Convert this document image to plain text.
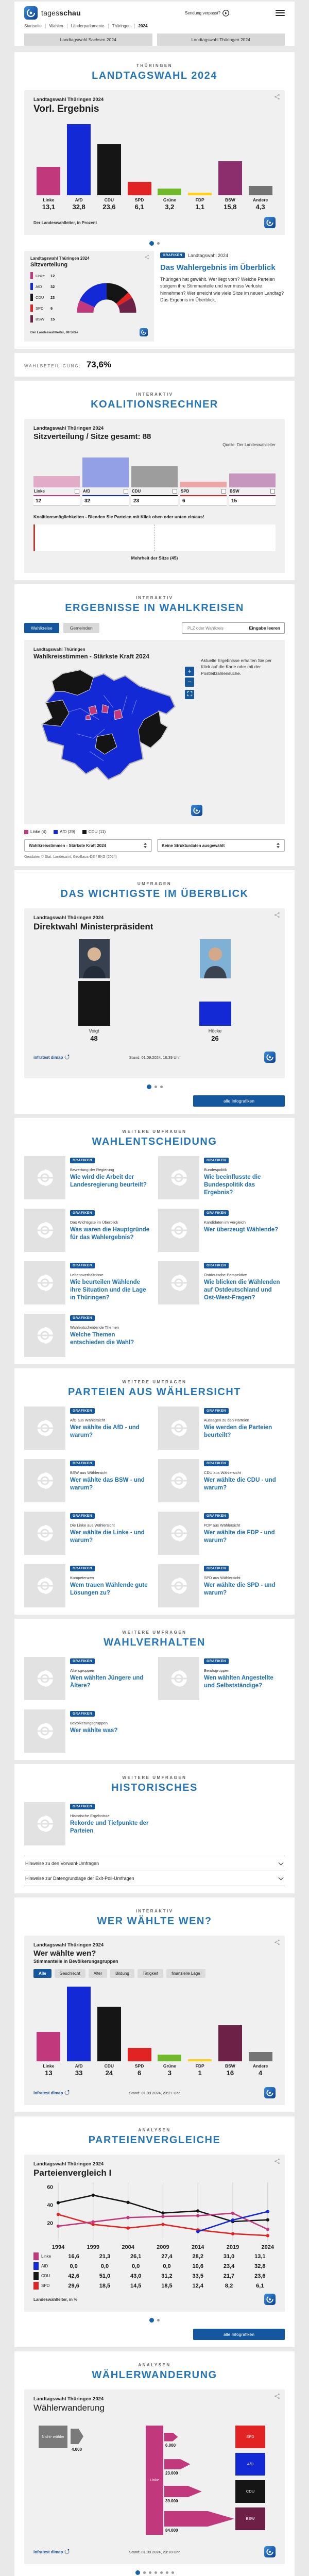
tagesschau	Sendung verpasst?
Startseite Wahlen Länderparlamente Thüringen 2024
Landtagswahl Sachsen 2024	Landtagswahl Thüringen 2024
THÜRINGEN
LANDTAGSWAHL 2024
Landtagswahl Thüringen 2024
Vorl. Ergebnis
Linke
13,1
AfD
32,8
CDU
23,6
SPD
6,1
Grüne
3,2
FDP
1,1
BSW
15,8
Andere
4,3
Der Landeswahlleiter, in Prozent
Landtagswahl Thüringen 2024
Sitzverteilung
Linke	12
AfD	32
CDU	23
SPD	6
BSW	15
Der Landeswahlleiter, 88 Sitze
GRAFIKEN Landtagswahl 2024
Das Wahlergebnis im Überblick
Thüringen hat gewählt. Wer liegt vorn? Welche Parteien steigern ihre Stimmanteile und wer muss Verluste hinnehmen? Wer erreicht wie viele Sitze im neuen Landtag? Das Ergebnis im Überblick.
WAHLBETEILIGUNG: 73,6%
INTERAKTIV
KOALITIONSRECHNER
Landtagswahl Thüringen 2024
Sitzverteilung / Sitze gesamt: 88
Quelle: Der Landeswahlleiter
Linke
12
AfD
32
CDU
23
SPD
6
BSW
15
Koalitionsmöglichkeiten - Blenden Sie Parteien mit Klick oben oder unten ein/aus!
Mehrheit der Sitze (45)
INTERAKTIV
ERGEBNISSE IN WAHLKREISEN
Wahlkreise	Gemeinden
PLZ oder Wahlkreis	Eingabe leeren
Landtagswahl Thüringen
Wahlkreisstimmen - Stärkste Kraft 2024
Aktuelle Ergebnisse erhalten Sie per Klick auf die Karte oder mit der Postleitzahlensuche.
+
−
Linke (4)	AfD (29)	CDU (11)
Wahlkreisstimmen - Stärkste Kraft 2024	Keine Strukturdaten ausgewählt
Geodaten © Stat. Landesamt, GeoBasis-DE / BKG (2024)
UMFRAGEN
DAS WICHTIGSTE IM ÜBERBLICK
Landtagswahl Thüringen 2024
Direktwahl Ministerpräsident
Voigt
48
Höcke
26
infratest dimap	Stand: 01.09.2024, 16:39 Uhr
alle Infografiken
WEITERE UMFRAGEN
WAHLENTSCHEIDUNG
GRAFIKEN
Bewertung der Regierung
Wie wird die Arbeit der Landesregierung beurteilt?
GRAFIKEN
Bundespolitik
Wie beeinflusste die Bundespolitik das Ergebnis?
GRAFIKEN
Das Wichtigste im Überblick
Was waren die Hauptgründe für das Wahlergebnis?
GRAFIKEN
Kandidaten im Vergleich
Wer überzeugt Wählende?
GRAFIKEN
Lebensverhältnisse
Wie beurteilen Wählende ihre Situation und die Lage in Thüringen?
GRAFIKEN
Ostdeutsche Perspektive
Wie blicken die Wählenden auf Ostdeutschland und Ost-West-Fragen?
GRAFIKEN
Wahlentscheidende Themen
Welche Themen entschieden die Wahl?
WEITERE UMFRAGEN
PARTEIEN AUS WÄHLERSICHT
GRAFIKEN
AfD aus Wählersicht
Wer wählte die AfD - und warum?
GRAFIKEN
Aussagen zu den Parteien
Wie werden die Parteien beurteilt?
GRAFIKEN
BSW aus Wählersicht
Wer wählte das BSW - und warum?
GRAFIKEN
CDU aus Wählersicht
Wer wählte die CDU - und warum?
GRAFIKEN
Die Linke aus Wählersicht
Wer wählte die Linke - und warum?
GRAFIKEN
FDP aus Wählersicht
Wer wählte die FDP - und warum?
GRAFIKEN
Kompetenzen
Wem trauen Wählende gute Lösungen zu?
GRAFIKEN
SPD aus Wählersicht
Wer wählte die SPD - und warum?
WEITERE UMFRAGEN
WAHLVERHALTEN
GRAFIKEN
Altersgruppen
Wen wählten Jüngere und Ältere?
GRAFIKEN
Berufsgruppen
Wen wählten Angestellte und Selbstständige?
GRAFIKEN
Bevölkerungsgruppen
Wer wählte was?
WEITERE UMFRAGEN
HISTORISCHES
GRAFIKEN
Historische Ergebnisse
Rekorde und Tiefpunkte der Parteien
Hinweise zu den Vorwahl-Umfragen
Hinweise zur Datengrundlage der Exit-Poll-Umfragen
INTERAKTIV
WER WÄHLTE WEN?
Landtagswahl Thüringen 2024
Wer wählte wen?
Stimmanteile in Bevölkerungsgruppen
Alle	Geschlecht	Alter	Bildung	Tätigkeit	finanzielle Lage
Linke
13
AfD
33
CDU
24
SPD
6
Grüne
3
FDP
1
BSW
16
Andere
4
infratest dimap	Stand: 01.09.2024, 23:27 Uhr
ANALYSEN
PARTEIENVERGLEICHE
Landtagswahl Thüringen 2024
Parteienvergleich I
20
40
60
1994	1999	2004	2009	2014	2019	2024
Linke	16,6	21,3	26,1	27,4	28,2	31,0	13,1
AfD	0,0	0,0	0,0	0,0	10,6	23,4	32,8
CDU	42,6	51,0	43,0	31,2	33,5	21,7	23,6
SPD	29,6	18,5	14,5	18,5	12,4	8,2	6,1
Landeswahlleiter, in %
alle Infografiken
ANALYSEN
WÄHLERWANDERUNG
Landtagswahl Thüringen 2024
Wählerwanderung
Nicht- wähler
4.000
Linke
6.000
SPD
23.000
AfD
39.000
CDU
84.000
BSW
infratest dimap	Stand: 01.09.2024, 23:18 Uhr
